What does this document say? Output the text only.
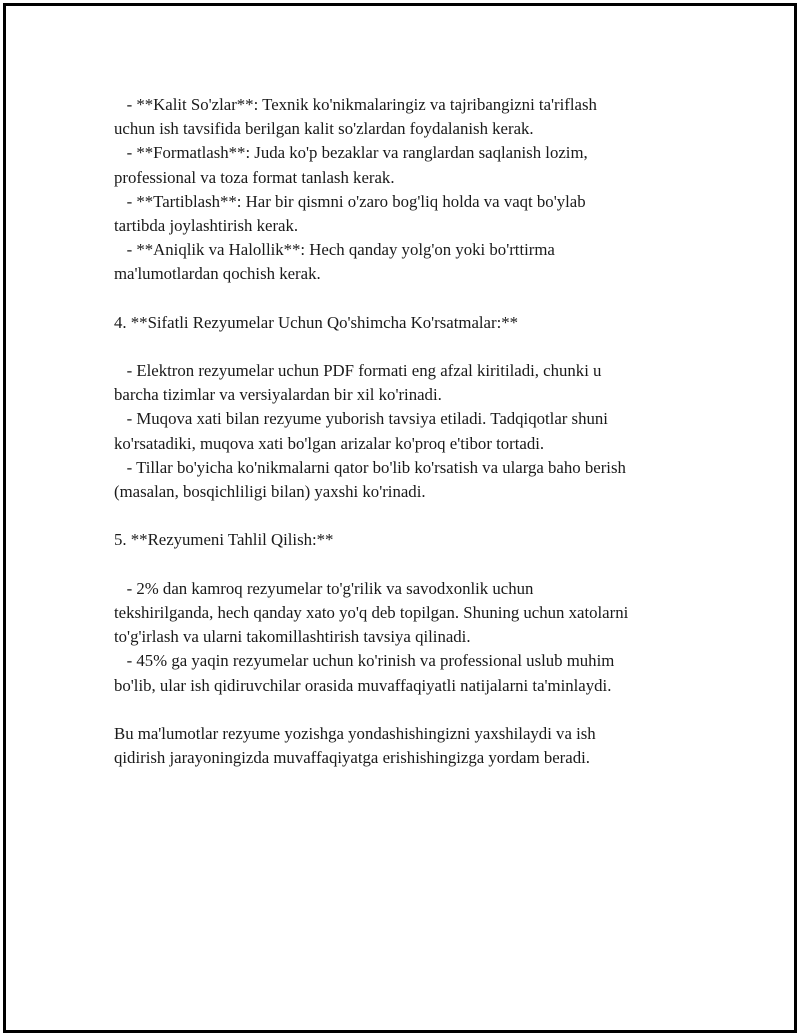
- **Kalit So'zlar**: Texnik ko'nikmalaringiz va tajribangizni ta'riflash
uchun ish tavsifida berilgan kalit so'zlardan foydalanish kerak.
- **Formatlash**: Juda ko'p bezaklar va ranglardan saqlanish lozim,
professional va toza format tanlash kerak.
- **Tartiblash**: Har bir qismni o'zaro bog'liq holda va vaqt bo'ylab
tartibda joylashtirish kerak.
- **Aniqlik va Halollik**: Hech qanday yolg'on yoki bo'rttirma
ma'lumotlardan qochish kerak.
4. **Sifatli Rezyumelar Uchun Qo'shimcha Ko'rsatmalar:**
- Elektron rezyumelar uchun PDF formati eng afzal kiritiladi, chunki u
barcha tizimlar va versiyalardan bir xil ko'rinadi.
- Muqova xati bilan rezyume yuborish tavsiya etiladi. Tadqiqotlar shuni
ko'rsatadiki, muqova xati bo'lgan arizalar ko'proq e'tibor tortadi.
- Tillar bo'yicha ko'nikmalarni qator bo'lib ko'rsatish va ularga baho berish
(masalan, bosqichliligi bilan) yaxshi ko'rinadi.
5. **Rezyumeni Tahlil Qilish:**
- 2% dan kamroq rezyumelar to'g'rilik va savodxonlik uchun
tekshirilganda, hech qanday xato yo'q deb topilgan. Shuning uchun xatolarni
to'g'irlash va ularni takomillashtirish tavsiya qilinadi.
- 45% ga yaqin rezyumelar uchun ko'rinish va professional uslub muhim
bo'lib, ular ish qidiruvchilar orasida muvaffaqiyatli natijalarni ta'minlaydi.
Bu ma'lumotlar rezyume yozishga yondashishingizni yaxshilaydi va ish
qidirish jarayoningizda muvaffaqiyatga erishishingizga yordam beradi.
